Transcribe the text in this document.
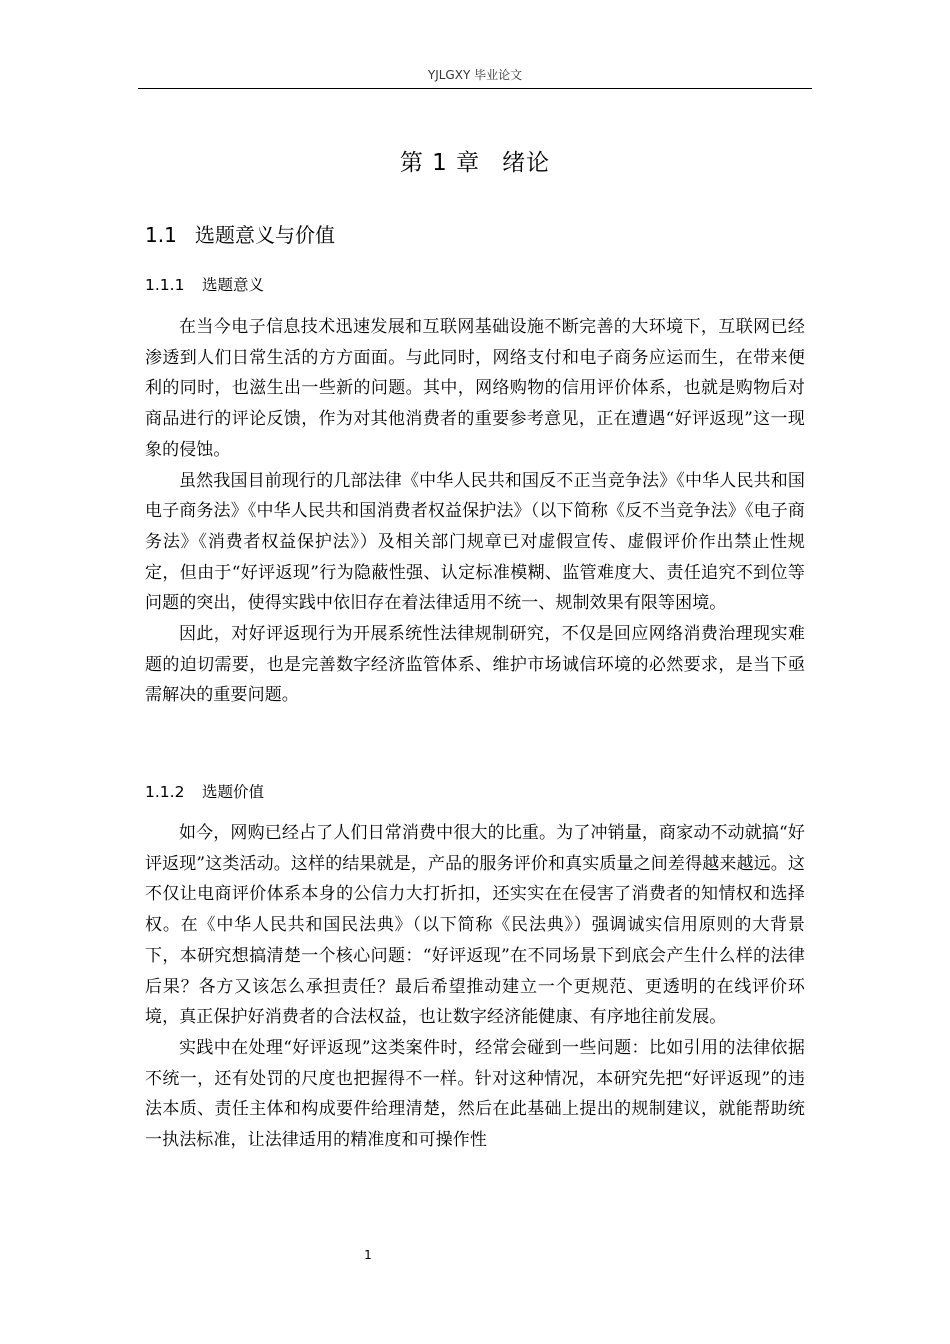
YJLGXY 毕业论文
第 1 章 绪论
1.1 选题意义与价值
1.1.1 选题意义

在当今电子信息技术迅速发展和互联网基础设施不断完善的大环境下，互联网已经渗透到人们日常生活的方方面面。与此同时，网络支付和电子商务应运而生，在带来便利的同时，也滋生出一些新的问题。其中，网络购物的信用评价体系，也就是购物后对商品进行的评论反馈，作为对其他消费者的重要参考意见，正在遭遇“好评返现”这一现象的侵蚀。

虽然我国目前现行的几部法律《中华人民共和国反不正当竞争法》《中华人民共和国电子商务法》《中华人民共和国消费者权益保护法》（以下简称《反不当竞争法》《电子商务法》《消费者权益保护法》）及相关部门规章已对虚假宣传、虚假评价作出禁止性规定，但由于“好评返现”行为隐蔽性强、认定标准模糊、监管难度大、责任追究不到位等问题的突出，使得实践中依旧存在着法律适用不统一、规制效果有限等困境。

因此，对好评返现行为开展系统性法律规制研究，不仅是回应网络消费治理现实难题的迫切需要，也是完善数字经济监管体系、维护市场诚信环境的必然要求，是当下亟需解决的重要问题。

1.1.2 选题价值

如今，网购已经占了人们日常消费中很大的比重。为了冲销量，商家动不动就搞“好评返现”这类活动。这样的结果就是，产品的服务评价和真实质量之间差得越来越远。这不仅让电商评价体系本身的公信力大打折扣，还实实在在侵害了消费者的知情权和选择权。在《中华人民共和国民法典》（以下简称《民法典》）强调诚实信用原则的大背景下，本研究想搞清楚一个核心问题：“好评返现”在不同场景下到底会产生什么样的法律后果？各方又该怎么承担责任？最后希望推动建立一个更规范、更透明的在线评价环境，真正保护好消费者的合法权益，也让数字经济能健康、有序地往前发展。

实践中在处理“好评返现”这类案件时，经常会碰到一些问题：比如引用的法律依据不统一，还有处罚的尺度也把握得不一样。针对这种情况，本研究先把“好评返现”的违法本质、责任主体和构成要件给理清楚，然后在此基础上提出的规制建议，就能帮助统一执法标准，让法律适用的精准度和可操作性

1
